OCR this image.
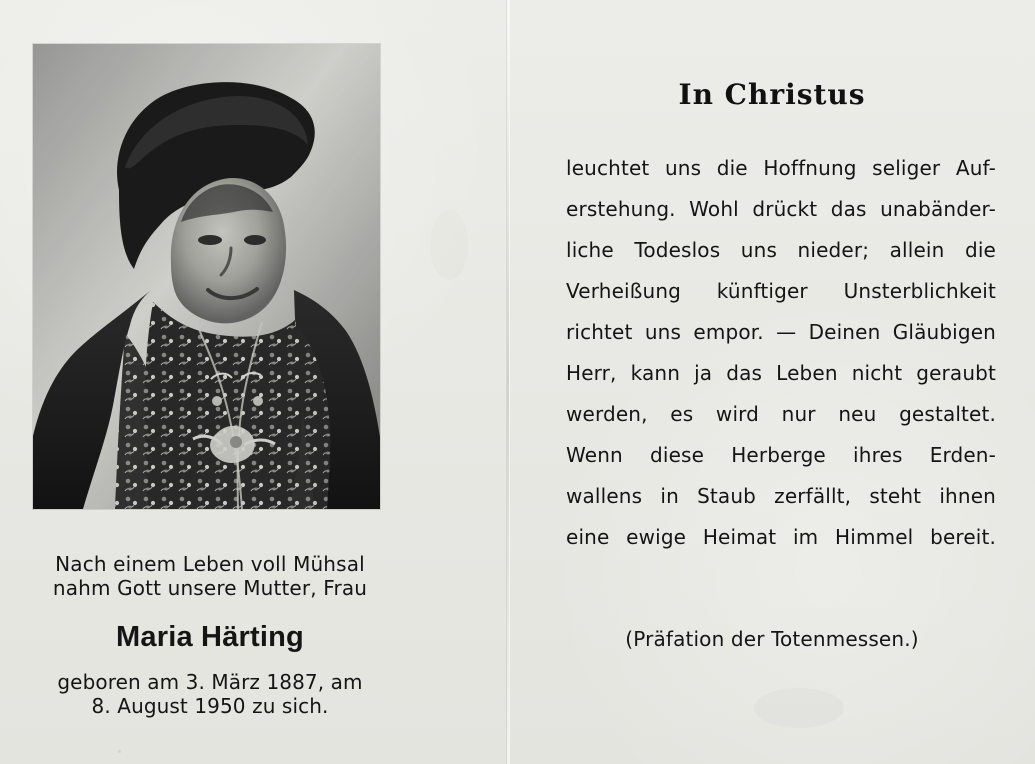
Nach einem Leben voll Mühsal
nahm Gott unsere Mutter, Frau
Maria Härting
geboren am 3. März 1887, am
8. August 1950 zu sich.
In Christus
leuchtet uns die Hoffnung seliger Auf-
erstehung. Wohl drückt das unabänder-
liche Todeslos uns nieder; allein die
Verheißung künftiger Unsterblichkeit
richtet uns empor. — Deinen Gläubigen
Herr, kann ja das Leben nicht geraubt
werden, es wird nur neu gestaltet.
Wenn diese Herberge ihres Erden-
wallens in Staub zerfällt, steht ihnen
eine ewige Heimat im Himmel bereit.
(Präfation der Totenmessen.)
